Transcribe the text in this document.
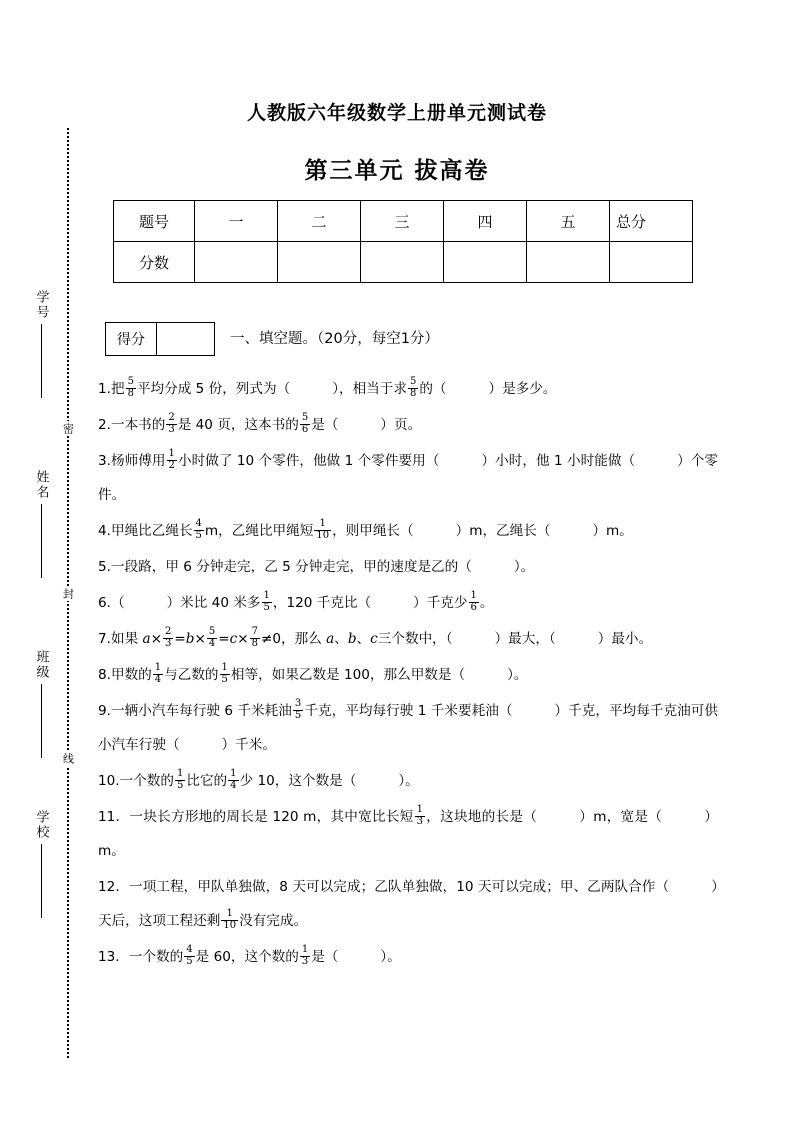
密
封
线
学号
姓名
班级
学校
人教版六年级数学上册单元测试卷
第三单元 拔高卷
题号	一	二	三	四	五	总分
分数						
得分		一、填空题。（20分，每空1分）
1.把 $\frac{5}{8}$ 平均分成 5 份，列式为（	），相当于求 $\frac{5}{8}$ 的（	）是多少。
2.一本书的 $\frac{2}{3}$ 是 40 页，这本书的 $\frac{5}{6}$ 是（	）页。
3.杨师傅用 $\frac{1}{2}$ 小时做了 10 个零件，他做 1 个零件要用（	）小时，他 1 小时能做（	）个零件。
4.甲绳比乙绳长 $\frac{4}{5}$ m，乙绳比甲绳短 $\frac{1}{10}$ ，则甲绳长（	）m，乙绳长（	）m。
5.一段路，甲 6 分钟走完，乙 5 分钟走完，甲的速度是乙的（	）。
6.（	）米比 40 米多 $\frac{1}{5}$ ，120 千克比（	）千克少 $\frac{1}{6}$ 。
7.如果 $a\times \frac{2}{3} =b\times \frac{5}{4} =c\times \frac{7}{8} \ne 0$，那么 a、b、c三个数中，（	）最大，（	）最小。
8.甲数的 $\frac{1}{4}$ 与乙数的 $\frac{1}{5}$ 相等，如果乙数是 100，那么甲数是（	）。
9.一辆小汽车每行驶 6 千米耗油 $\frac{3}{5}$ 千克，平均每行驶 1 千米要耗油（	）千克，平均每千克油可供小汽车行驶（	）千米。
10.一个数的 $\frac{1}{5}$ 比它的 $\frac{1}{4}$ 少 10，这个数是（	）。
11．一块长方形地的周长是 120 m，其中宽比长短 $\frac{1}{3}$ ，这块地的长是（	）m，宽是（	）m。
12．一项工程，甲队单独做，8 天可以完成；乙队单独做，10 天可以完成；甲、乙两队合作（	）天后，这项工程还剩 $\frac{1}{10}$ 没有完成。
13．一个数的 $\frac{4}{5}$ 是 60，这个数的 $\frac{1}{3}$ 是（	）。
